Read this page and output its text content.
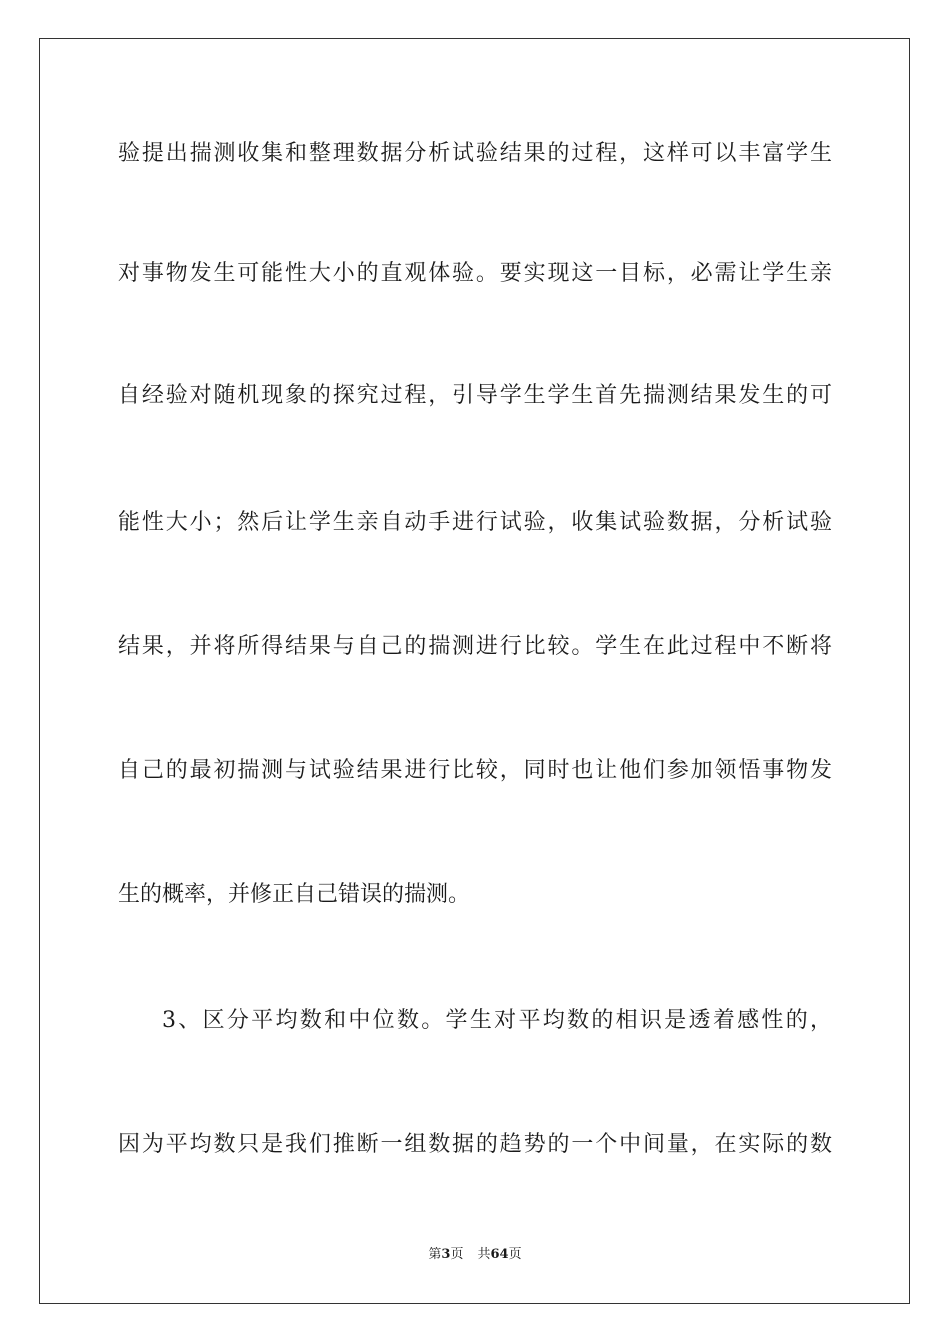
验提出揣测收集和整理数据分析试验结果的过程，这样可以丰富学生
对事物发生可能性大小的直观体验。要实现这一目标，必需让学生亲
自经验对随机现象的探究过程，引导学生学生首先揣测结果发生的可
能性大小；然后让学生亲自动手进行试验，收集试验数据，分析试验
结果，并将所得结果与自己的揣测进行比较。学生在此过程中不断将
自己的最初揣测与试验结果进行比较，同时也让他们参加领悟事物发
生的概率，并修正自己错误的揣测。
3、区分平均数和中位数。学生对平均数的相识是透着感性的，
因为平均数只是我们推断一组数据的趋势的一个中间量，在实际的数
第3页 共64页
